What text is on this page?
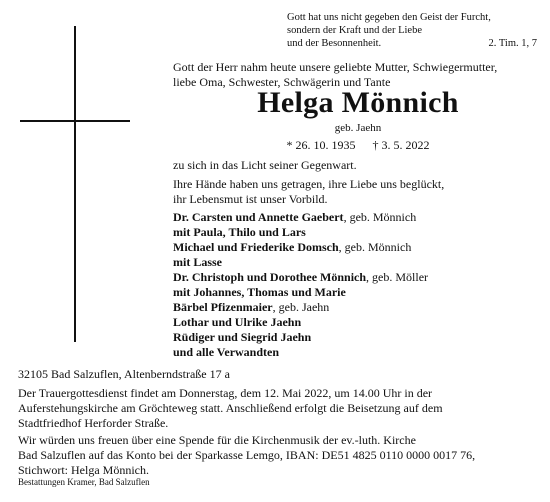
Gott hat uns nicht gegeben den Geist der Furcht,
sondern der Kraft und der Liebe
und der Besonnenheit.	2. Tim. 1, 7
Gott der Herr nahm heute unsere geliebte Mutter, Schwiegermutter,
liebe Oma, Schwester, Schwägerin und Tante
Helga Mönnich
geb. Jaehn
* 26. 10. 1935 † 3. 5. 2022
zu sich in das Licht seiner Gegenwart.
Ihre Hände haben uns getragen, ihre Liebe uns beglückt,
ihr Lebensmut ist unser Vorbild.
Dr. Carsten und Annette Gaebert, geb. Mönnich
mit Paula, Thilo und Lars
Michael und Friederike Domsch, geb. Mönnich
mit Lasse
Dr. Christoph und Dorothee Mönnich, geb. Möller
mit Johannes, Thomas und Marie
Bärbel Pfizenmaier, geb. Jaehn
Lothar und Ulrike Jaehn
Rüdiger und Siegrid Jaehn
und alle Verwandten
32105 Bad Salzuflen, Altenberndstraße 17 a
Der Trauergottesdienst findet am Donnerstag, dem 12. Mai 2022, um 14.00 Uhr in der
Auferstehungskirche am Gröchteweg statt. Anschließend erfolgt die Beisetzung auf dem
Stadtfriedhof Herforder Straße.
Wir würden uns freuen über eine Spende für die Kirchenmusik der ev.-luth. Kirche
Bad Salzuflen auf das Konto bei der Sparkasse Lemgo, IBAN: DE51 4825 0110 0000 0017 76,
Stichwort: Helga Mönnich.
Bestattungen Kramer, Bad Salzuflen
